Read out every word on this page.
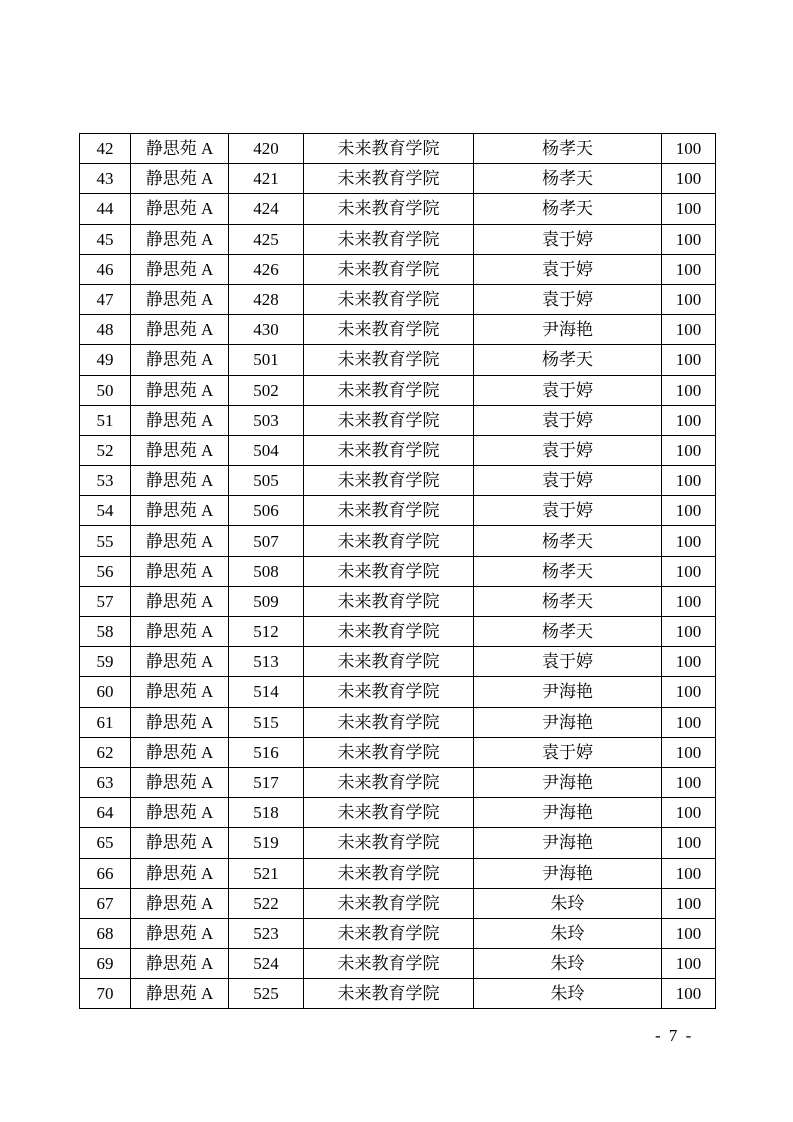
42	静思苑 A	420	未来教育学院	杨孝天	100
43	静思苑 A	421	未来教育学院	杨孝天	100
44	静思苑 A	424	未来教育学院	杨孝天	100
45	静思苑 A	425	未来教育学院	袁于婷	100
46	静思苑 A	426	未来教育学院	袁于婷	100
47	静思苑 A	428	未来教育学院	袁于婷	100
48	静思苑 A	430	未来教育学院	尹海艳	100
49	静思苑 A	501	未来教育学院	杨孝天	100
50	静思苑 A	502	未来教育学院	袁于婷	100
51	静思苑 A	503	未来教育学院	袁于婷	100
52	静思苑 A	504	未来教育学院	袁于婷	100
53	静思苑 A	505	未来教育学院	袁于婷	100
54	静思苑 A	506	未来教育学院	袁于婷	100
55	静思苑 A	507	未来教育学院	杨孝天	100
56	静思苑 A	508	未来教育学院	杨孝天	100
57	静思苑 A	509	未来教育学院	杨孝天	100
58	静思苑 A	512	未来教育学院	杨孝天	100
59	静思苑 A	513	未来教育学院	袁于婷	100
60	静思苑 A	514	未来教育学院	尹海艳	100
61	静思苑 A	515	未来教育学院	尹海艳	100
62	静思苑 A	516	未来教育学院	袁于婷	100
63	静思苑 A	517	未来教育学院	尹海艳	100
64	静思苑 A	518	未来教育学院	尹海艳	100
65	静思苑 A	519	未来教育学院	尹海艳	100
66	静思苑 A	521	未来教育学院	尹海艳	100
67	静思苑 A	522	未来教育学院	朱玲	100
68	静思苑 A	523	未来教育学院	朱玲	100
69	静思苑 A	524	未来教育学院	朱玲	100
70	静思苑 A	525	未来教育学院	朱玲	100
- 7 -
